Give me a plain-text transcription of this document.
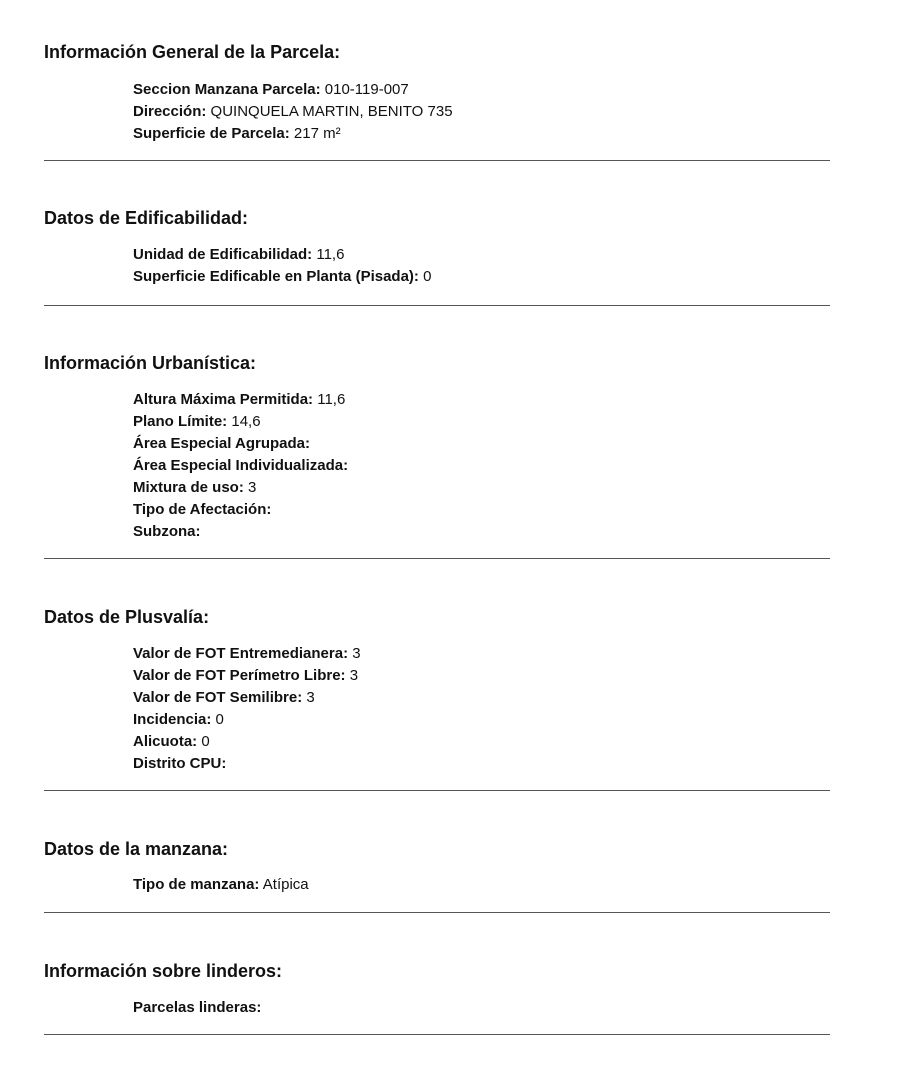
Información General de la Parcela:
Seccion Manzana Parcela: 010-119-007
Dirección: QUINQUELA MARTIN, BENITO 735
Superficie de Parcela: 217 m²
Datos de Edificabilidad:
Unidad de Edificabilidad: 11,6
Superficie Edificable en Planta (Pisada): 0
Información Urbanística:
Altura Máxima Permitida: 11,6
Plano Límite: 14,6
Área Especial Agrupada:
Área Especial Individualizada:
Mixtura de uso: 3
Tipo de Afectación:
Subzona:
Datos de Plusvalía:
Valor de FOT Entremedianera: 3
Valor de FOT Perímetro Libre: 3
Valor de FOT Semilibre: 3
Incidencia: 0
Alicuota: 0
Distrito CPU:
Datos de la manzana:
Tipo de manzana: Atípica
Información sobre linderos:
Parcelas linderas:
